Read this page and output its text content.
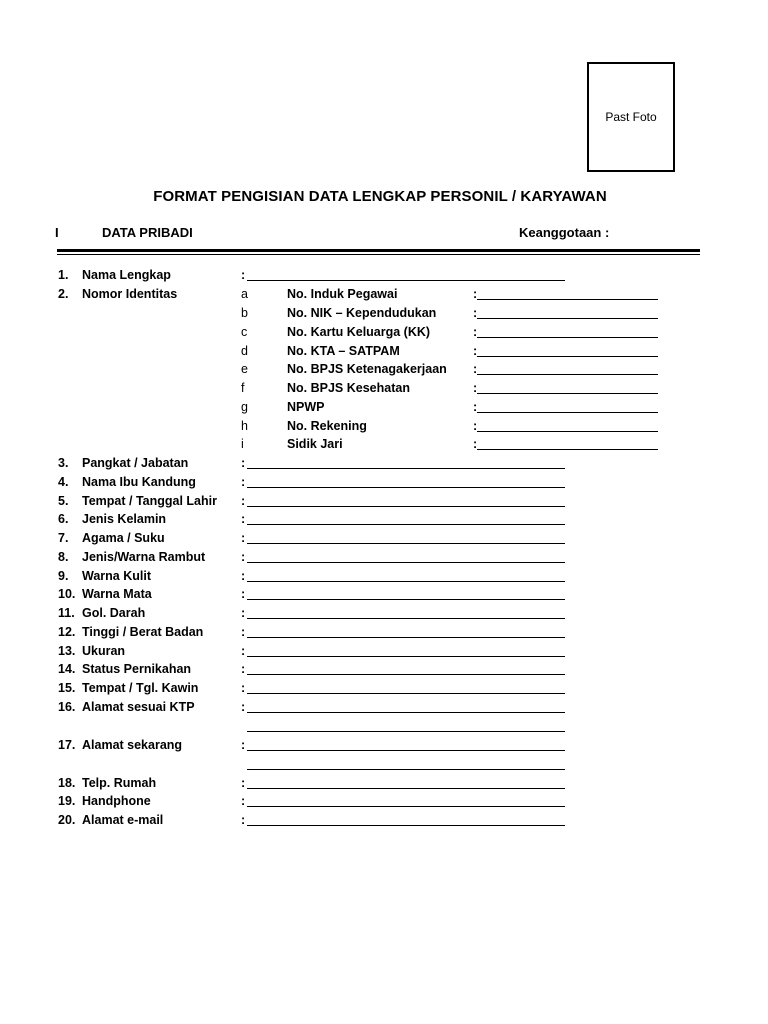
Past Foto
FORMAT PENGISIAN DATA LENGKAP PERSONIL / KARYAWAN
I	DATA PRIBADI	Keanggotaan :
1.	Nama Lengkap	:
2.	Nomor Identitas	a	No. Induk Pegawai	:
b	No. NIK – Kependudukan	:
c	No. Kartu Keluarga (KK)	:
d	No. KTA – SATPAM	:
e	No. BPJS Ketenagakerjaan :
f	No. BPJS Kesehatan	:
g	NPWP	:
h	No. Rekening	:
i	Sidik Jari	:
3.	Pangkat / Jabatan	:
4.	Nama Ibu Kandung	:
5.	Tempat / Tanggal Lahir :
6.	Jenis Kelamin	:
7.	Agama / Suku	:
8.	Jenis/Warna Rambut	:
9.	Warna Kulit	:
10. Warna Mata	:
11. Gol. Darah	:
12. Tinggi / Berat Badan	:
13. Ukuran	:
14. Status Pernikahan	:
15. Tempat / Tgl. Kawin	:
16. Alamat sesuai KTP	:
17. Alamat sekarang	:
18. Telp. Rumah	:
19. Handphone	:
20. Alamat e-mail	:
